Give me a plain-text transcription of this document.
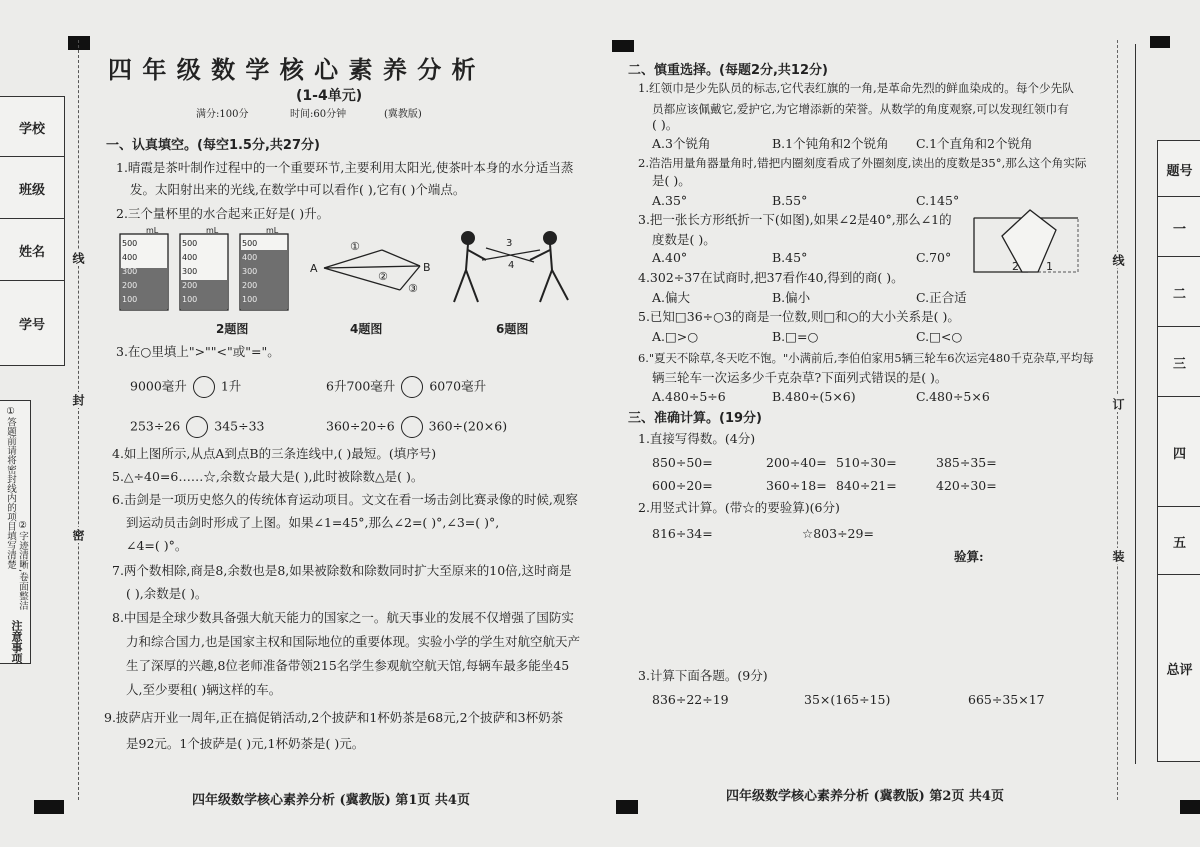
学校
班级
姓名
学号
注意事项
①答题前请将密封线内的项目填写清楚 ②字迹清晰,卷面整洁
线
封
密
四 年 级 数 学 核 心 素 养 分 析
(1-4单元)
满分:100分	时间:60分钟	(冀教版)
一、认真填空。(每空1.5分,共27分)
1.晴霞是茶叶制作过程中的一个重要环节,主要利用太阳光,使茶叶本身的水分适当蒸
发。太阳射出来的光线,在数学中可以看作( ),它有( )个端点。
2.三个量杯里的水合起来正好是( )升。
mL
500
400
300
200
100
mL
500
400
300
200
100
mL
500
400
300
200
100
A	B
①
②
③
3
4
2题图	4题图	6题图
3.在○里填上">""<"或"="。
9000毫升	1升	6升700毫升	6070毫升
253÷26	345÷33	360÷20÷6	360÷(20×6)
4.如上图所示,从点A到点B的三条连线中,( )最短。(填序号)
5.△÷40=6……☆,余数☆最大是( ),此时被除数△是( )。
6.击剑是一项历史悠久的传统体育运动项目。文文在看一场击剑比赛录像的时候,观察
到运动员击剑时形成了上图。如果∠1=45°,那么∠2=( )°,∠3=( )°,
∠4=( )°。
7.两个数相除,商是8,余数也是8,如果被除数和除数同时扩大至原来的10倍,这时商是
( ),余数是( )。
8.中国是全球少数具备强大航天能力的国家之一。航天事业的发展不仅增强了国防实
力和综合国力,也是国家主权和国际地位的重要体现。实验小学的学生对航空航天产
生了深厚的兴趣,8位老师准备带领215名学生参观航空航天馆,每辆车最多能坐45
人,至少要租( )辆这样的车。
9.披萨店开业一周年,正在搞促销活动,2个披萨和1杯奶茶是68元,2个披萨和3杯奶茶
是92元。1个披萨是( )元,1杯奶茶是( )元。
四年级数学核心素养分析 (冀教版) 第1页 共4页
二、慎重选择。(每题2分,共12分)
1.红领巾是少先队员的标志,它代表红旗的一角,是革命先烈的鲜血染成的。每个少先队
员都应该佩戴它,爱护它,为它增添新的荣誉。从数学的角度观察,可以发现红领巾有
( )。
A.3个锐角	B.1个钝角和2个锐角 C.1个直角和2个锐角
2.浩浩用量角器量角时,错把内圈刻度看成了外圈刻度,读出的度数是35°,那么这个角实际
是( )。
A.35°	B.55°	C.145°
3.把一张长方形纸折一下(如图),如果∠2是40°,那么∠1的
度数是( )。
2 1
A.40°	B.45°	C.70°
4.302÷37在试商时,把37看作40,得到的商( )。
A.偏大	B.偏小	C.正合适
5.已知□36÷○3的商是一位数,则□和○的大小关系是( )。
A.□>○	B.□=○	C.□<○
6."夏天不除草,冬天吃不饱。"小满前后,李伯伯家用5辆三轮车6次运完480千克杂草,平均每
辆三轮车一次运多少千克杂草?下面列式错误的是( )。
A.480÷5÷6	B.480÷(5×6)	C.480÷5×6
三、准确计算。(19分)
1.直接写得数。(4分)
850÷50=	200÷40= 510÷30=	385÷35=
600÷20=	360÷18= 840÷21=	420÷30=
2.用竖式计算。(带☆的要验算)(6分)
816÷34=	☆803÷29=
验算:
3.计算下面各题。(9分)
836÷22÷19	35×(165÷15)	665÷35×17
四年级数学核心素养分析 (冀教版) 第2页 共4页
线
订
装
题号
一
二
三
四
五
总评
